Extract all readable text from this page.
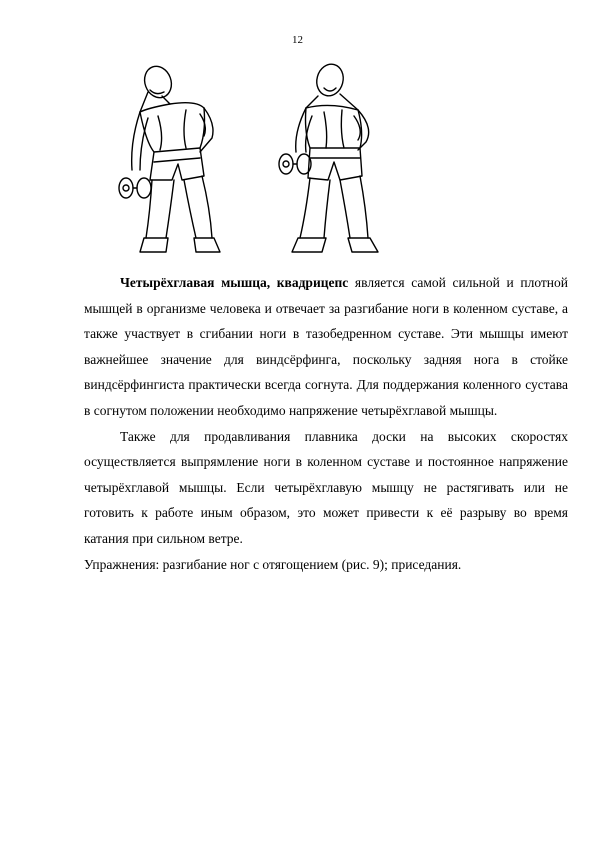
12

Четырёхглавая мышца, квадрицепс является самой сильной и плотной мышцей в организме человека и отвечает за разгибание ноги в коленном суставе, а также участвует в сгибании ноги в тазобедренном суставе. Эти мышцы имеют важнейшее значение для виндсёрфинга, поскольку задняя нога в стойке виндсёрфингиста практически всегда согнута. Для поддержания коленного сустава в согнутом положении необходимо напряжение четырёхглавой мышцы.

Также для продавливания плавника доски на высоких скоростях осуществляется выпрямление ноги в коленном суставе и постоянное напряжение четырёхглавой мышцы. Если четырёхглавую мышцу не растягивать или не готовить к работе иным образом, это может привести к её разрыву во время катания при сильном ветре.

Упражнения: разгибание ног с отягощением (рис. 9); приседания.
